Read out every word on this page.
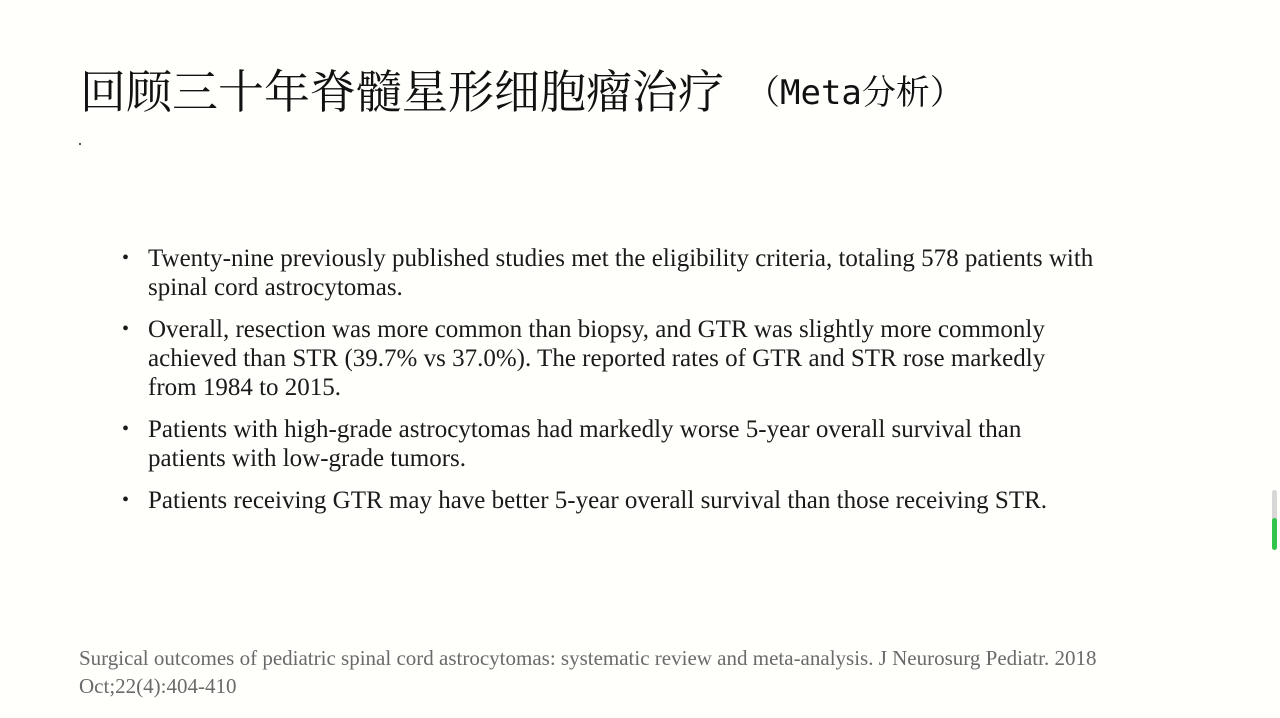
回顾三十年脊髓星形细胞瘤治疗 （Meta分析）
• Twenty-nine previously published studies met the eligibility criteria, totaling 578 patients with spinal cord astrocytomas.
• Overall, resection was more common than biopsy, and GTR was slightly more commonly achieved than STR (39.7% vs 37.0%). The reported rates of GTR and STR rose markedly from 1984 to 2015.
• Patients with high-grade astrocytomas had markedly worse 5-year overall survival than patients with low-grade tumors.
• Patients receiving GTR may have better 5-year overall survival than those receiving STR.

Surgical outcomes of pediatric spinal cord astrocytomas: systematic review and meta-analysis. J Neurosurg Pediatr. 2018 Oct;22(4):404-410
